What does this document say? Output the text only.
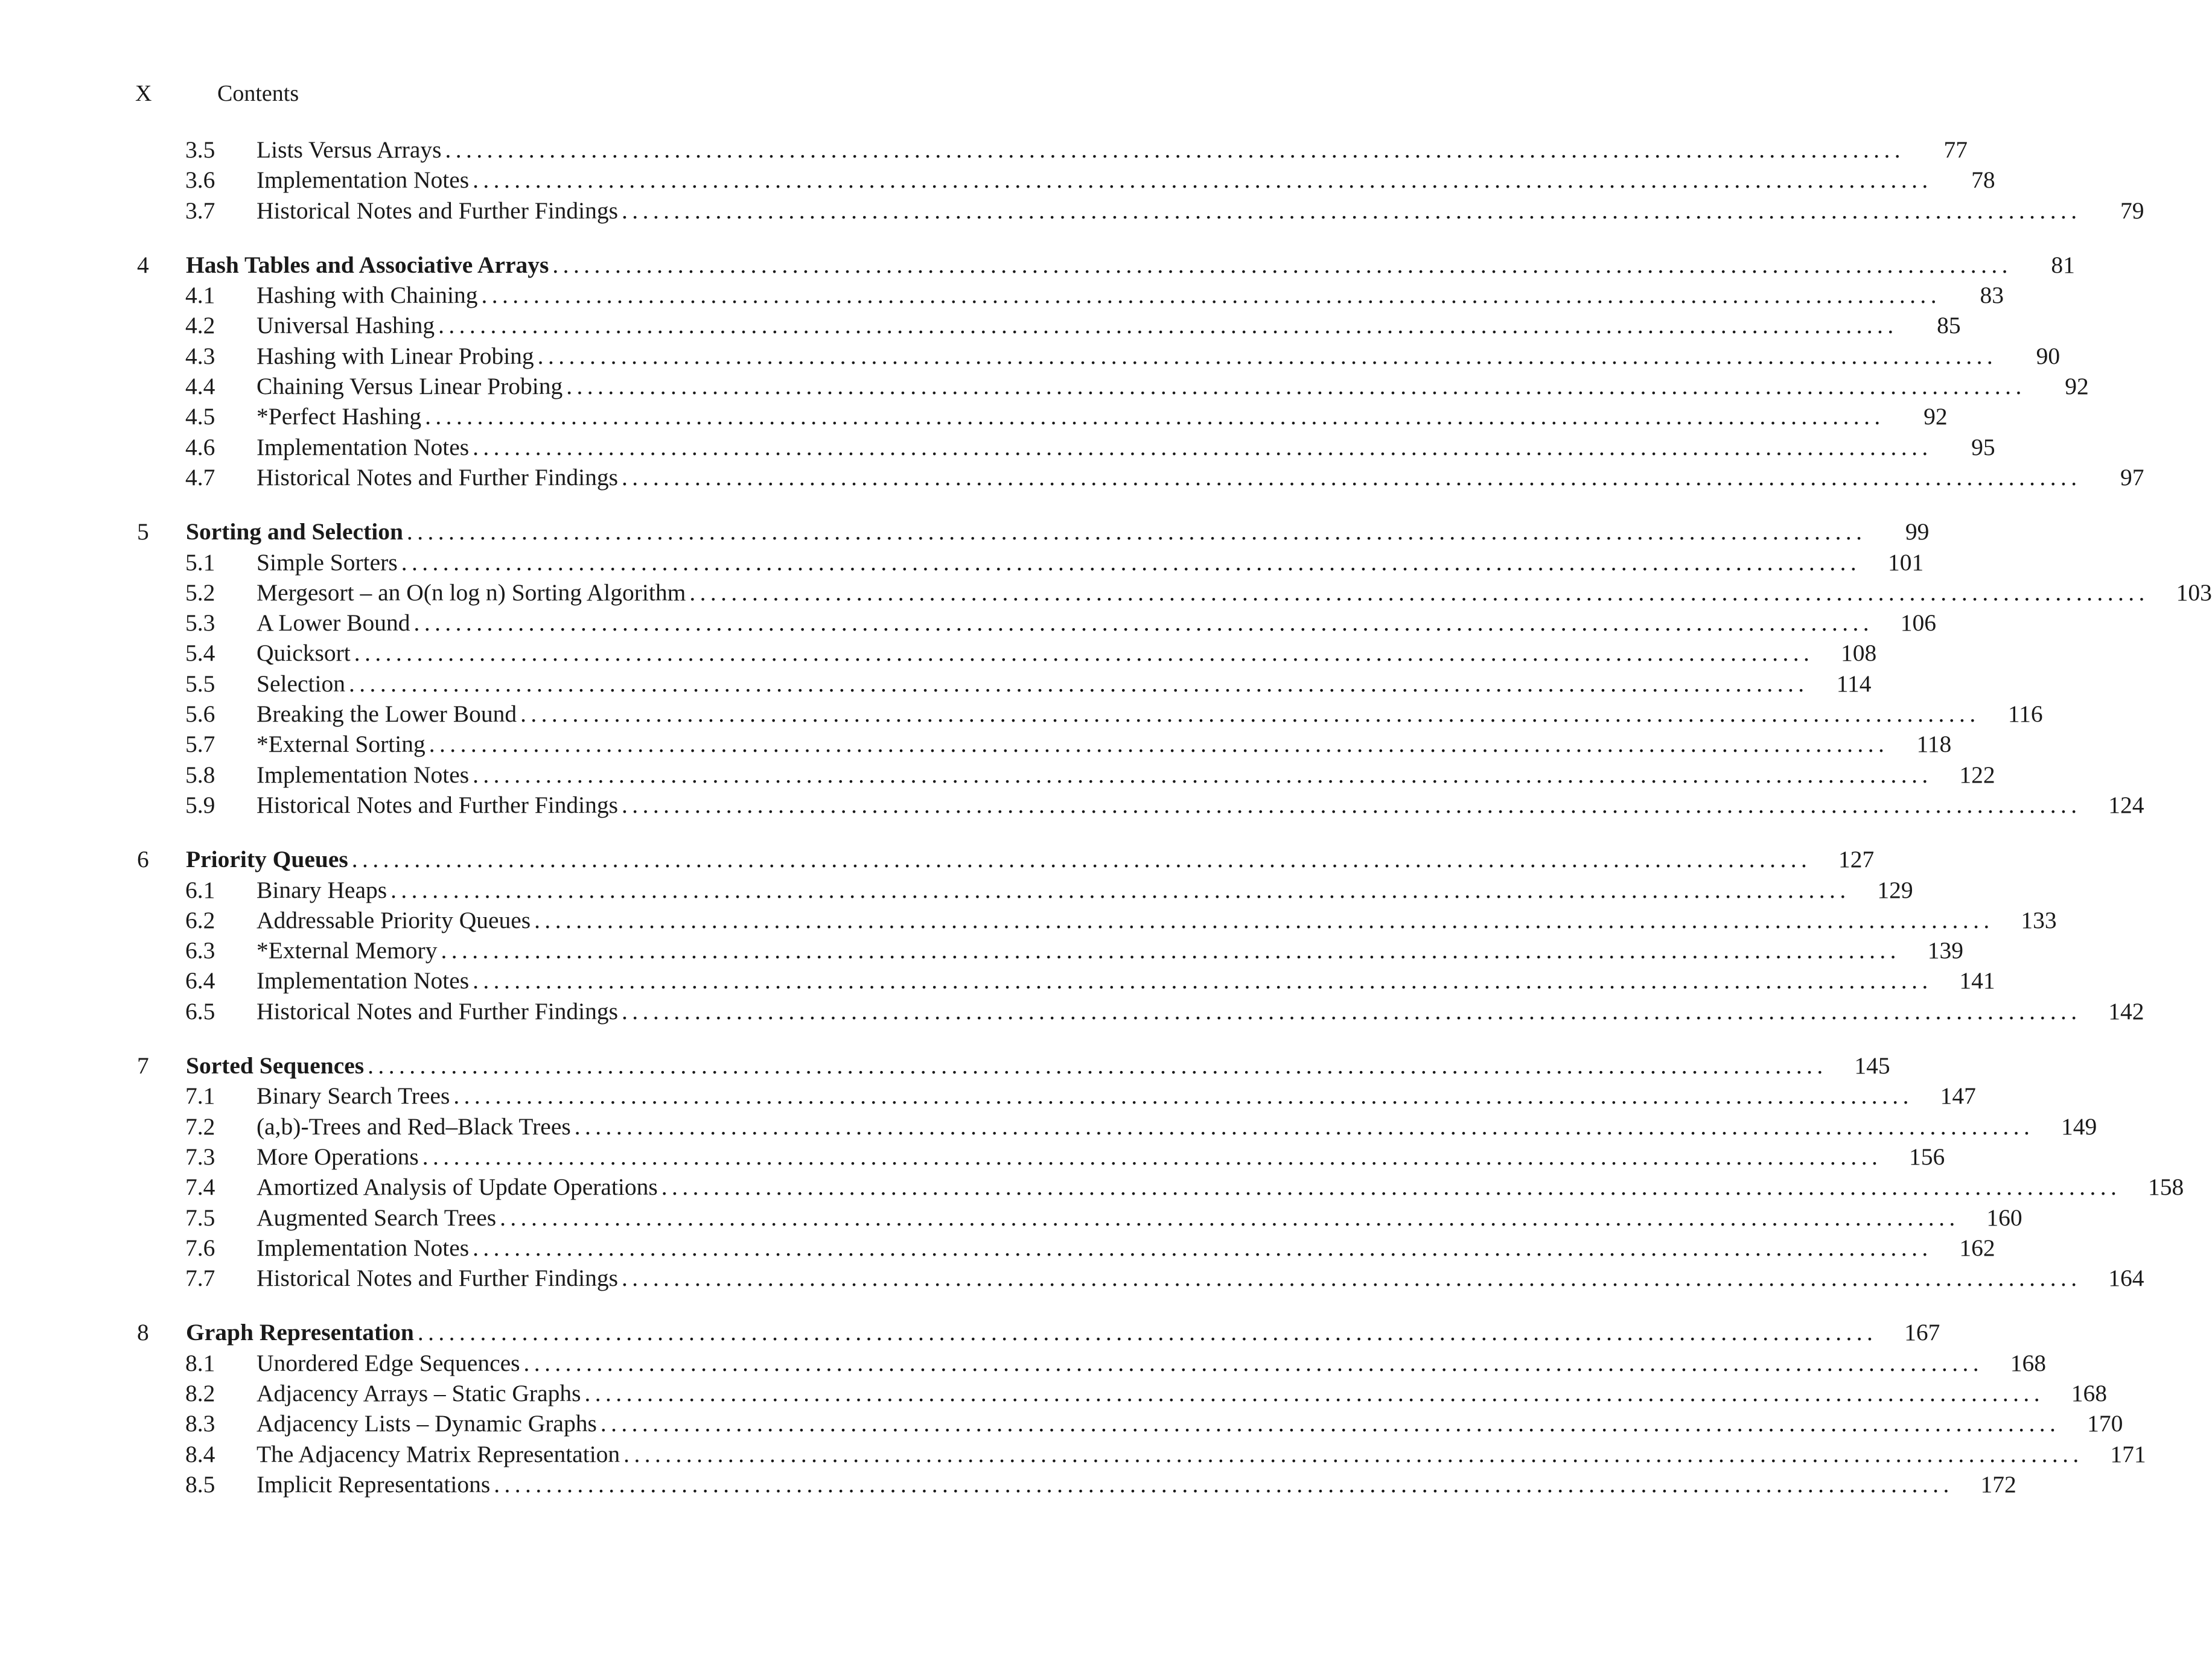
X	Contents
3.5 Lists Versus Arrays ............................................................................................................................................	77
3.6 Implementation Notes ............................................................................................................................................	78
3.7 Historical Notes and Further Findings ............................................................................................................................................	79
4 Hash Tables and Associative Arrays ............................................................................................................................................	81
4.1 Hashing with Chaining ............................................................................................................................................	83
4.2 Universal Hashing ............................................................................................................................................	85
4.3 Hashing with Linear Probing ............................................................................................................................................	90
4.4 Chaining Versus Linear Probing ............................................................................................................................................	92
4.5 *Perfect Hashing ............................................................................................................................................	92
4.6 Implementation Notes ............................................................................................................................................	95
4.7 Historical Notes and Further Findings ............................................................................................................................................	97
5 Sorting and Selection ............................................................................................................................................	99
5.1 Simple Sorters ............................................................................................................................................	101
5.2 Mergesort – an O(n log n) Sorting Algorithm ............................................................................................................................................	103
5.3 A Lower Bound ............................................................................................................................................	106
5.4 Quicksort ............................................................................................................................................	108
5.5 Selection ............................................................................................................................................	114
5.6 Breaking the Lower Bound ............................................................................................................................................	116
5.7 *External Sorting ............................................................................................................................................	118
5.8 Implementation Notes ............................................................................................................................................	122
5.9 Historical Notes and Further Findings ............................................................................................................................................	124
6 Priority Queues ............................................................................................................................................	127
6.1 Binary Heaps ............................................................................................................................................	129
6.2 Addressable Priority Queues ............................................................................................................................................	133
6.3 *External Memory ............................................................................................................................................	139
6.4 Implementation Notes ............................................................................................................................................	141
6.5 Historical Notes and Further Findings ............................................................................................................................................	142
7 Sorted Sequences ............................................................................................................................................	145
7.1 Binary Search Trees ............................................................................................................................................	147
7.2 (a,b)-Trees and Red–Black Trees ............................................................................................................................................	149
7.3 More Operations ............................................................................................................................................	156
7.4 Amortized Analysis of Update Operations ............................................................................................................................................	158
7.5 Augmented Search Trees ............................................................................................................................................	160
7.6 Implementation Notes ............................................................................................................................................	162
7.7 Historical Notes and Further Findings ............................................................................................................................................	164
8 Graph Representation ............................................................................................................................................	167
8.1 Unordered Edge Sequences ............................................................................................................................................	168
8.2 Adjacency Arrays – Static Graphs ............................................................................................................................................	168
8.3 Adjacency Lists – Dynamic Graphs ............................................................................................................................................	170
8.4 The Adjacency Matrix Representation ............................................................................................................................................	171
8.5 Implicit Representations ............................................................................................................................................	172
